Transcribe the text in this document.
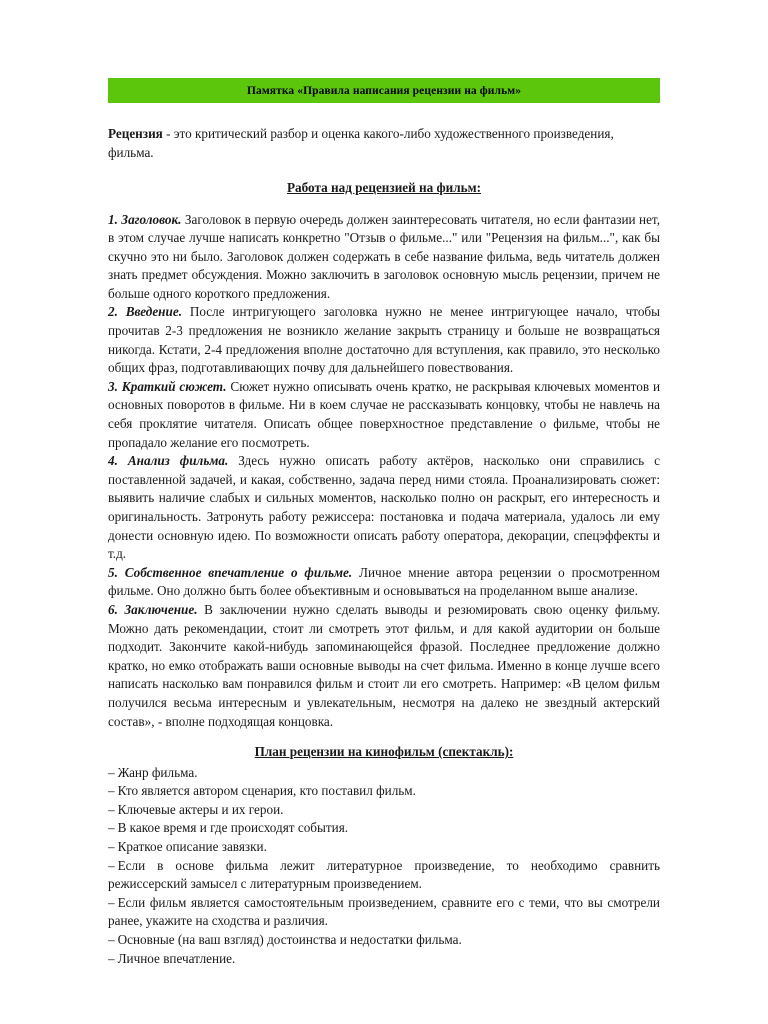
Памятка «Правила написания рецензии на фильм»

Рецензия - это критический разбор и оценка какого-либо художественного произведения, фильма.

Работа над рецензией на фильм:

1. Заголовок. Заголовок в первую очередь должен заинтересовать читателя, но если фантазии нет, в этом случае лучше написать конкретно "Отзыв о фильме..." или "Рецензия на фильм...", как бы скучно это ни было. Заголовок должен содержать в себе название фильма, ведь читатель должен знать предмет обсуждения. Можно заключить в заголовок основную мысль рецензии, причем не больше одного короткого предложения.

2. Введение. После интригующего заголовка нужно не менее интригующее начало, чтобы прочитав 2-3 предложения не возникло желание закрыть страницу и больше не возвращаться никогда. Кстати, 2-4 предложения вполне достаточно для вступления, как правило, это несколько общих фраз, подготавливающих почву для дальнейшего повествования.

3. Краткий сюжет. Сюжет нужно описывать очень кратко, не раскрывая ключевых моментов и основных поворотов в фильме. Ни в коем случае не рассказывать концовку, чтобы не навлечь на себя проклятие читателя. Описать общее поверхностное представление о фильме, чтобы не пропадало желание его посмотреть.

4. Анализ фильма. Здесь нужно описать работу актёров, насколько они справились с поставленной задачей, и какая, собственно, задача перед ними стояла. Проанализировать сюжет: выявить наличие слабых и сильных моментов, насколько полно он раскрыт, его интересность и оригинальность. Затронуть работу режиссера: постановка и подача материала, удалось ли ему донести основную идею. По возможности описать работу оператора, декорации, спецэффекты и т.д.

5. Собственное впечатление о фильме. Личное мнение автора рецензии о просмотренном фильме. Оно должно быть более объективным и основываться на проделанном выше анализе.

6. Заключение. В заключении нужно сделать выводы и резюмировать свою оценку фильму. Можно дать рекомендации, стоит ли смотреть этот фильм, и для какой аудитории он больше подходит. Закончите какой-нибудь запоминающейся фразой. Последнее предложение должно кратко, но емко отображать ваши основные выводы на счет фильма. Именно в конце лучше всего написать насколько вам понравился фильм и стоит ли его смотреть. Например: «В целом фильм получился весьма интересным и увлекательным, несмотря на далеко не звездный актерский состав», - вполне подходящая концовка.

План рецензии на кинофильм (спектакль):
– Жанр фильма.
– Кто является автором сценария, кто поставил фильм.
– Ключевые актеры и их герои.
– В какое время и где происходят события.
– Краткое описание завязки.
– Если в основе фильма лежит литературное произведение, то необходимо сравнить режиссерский замысел с литературным произведением.
– Если фильм является самостоятельным произведением, сравните его с теми, что вы смотрели ранее, укажите на сходства и различия.
– Основные (на ваш взгляд) достоинства и недостатки фильма.
– Личное впечатление.
